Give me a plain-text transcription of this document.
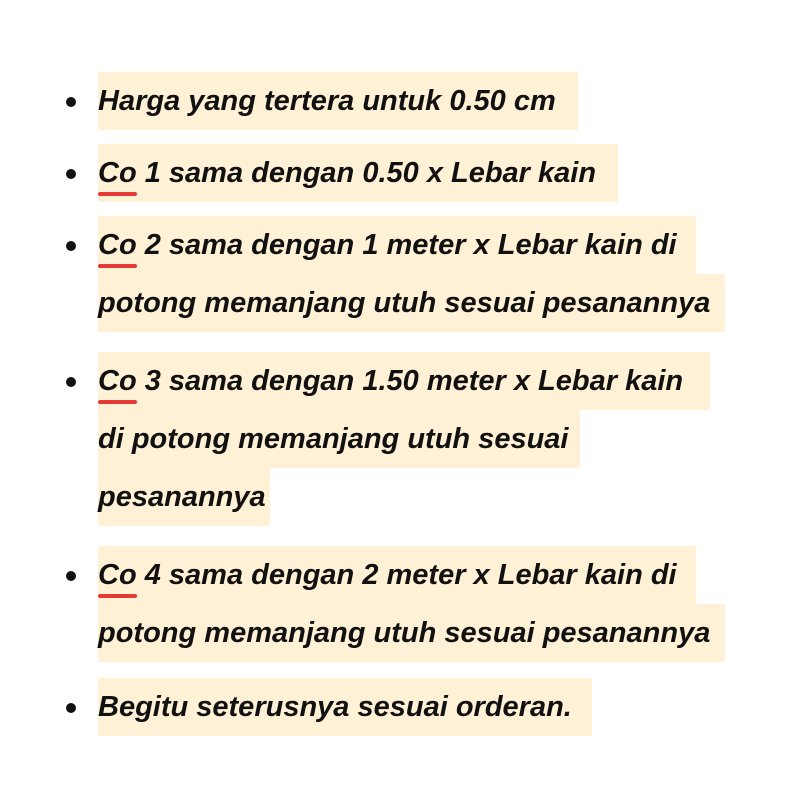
Harga yang tertera untuk 0.50 cm
Co 1 sama dengan 0.50 x Lebar kain
Co 2 sama dengan 1 meter x Lebar kain di
potong memanjang utuh sesuai pesanannya
Co 3 sama dengan 1.50 meter x Lebar kain
di potong memanjang utuh sesuai
pesanannya
Co 4 sama dengan 2 meter x Lebar kain di
potong memanjang utuh sesuai pesanannya
Begitu seterusnya sesuai orderan.
